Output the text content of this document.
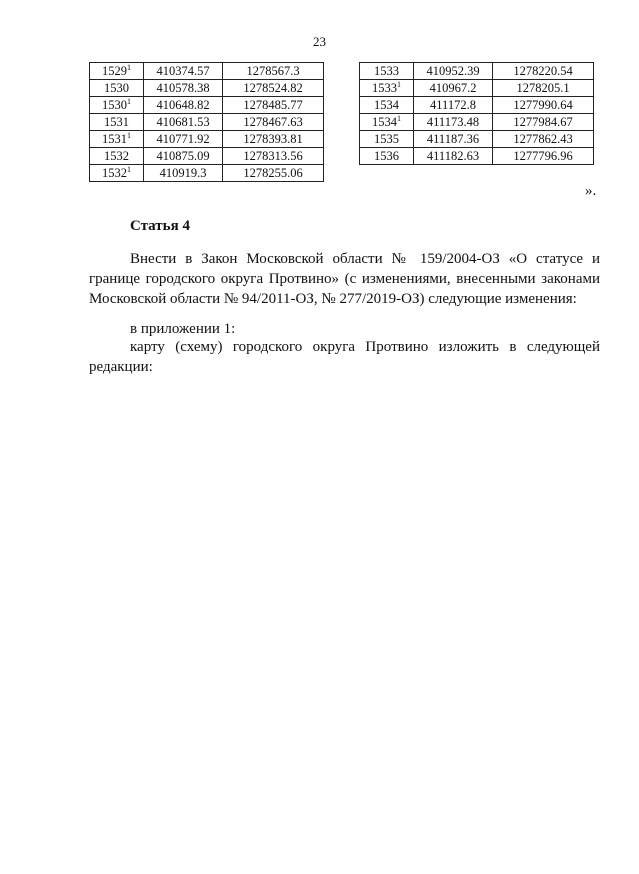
23
1529$^1$	410374.57	1278567.3
1530	410578.38	1278524.82
1530$^1$	410648.82	1278485.77
1531	410681.53	1278467.63
1531$^1$	410771.92	1278393.81
1532	410875.09	1278313.56
1532$^1$	410919.3	1278255.06
1533	410952.39	1278220.54
1533$^1$	410967.2	1278205.1
1534	411172.8	1277990.64
1534$^1$	411173.48	1277984.67
1535	411187.36	1277862.43
1536	411182.63	1277796.96
».
Статья 4
Внести в Закон Московской области № 159/2004-ОЗ «О статусе и границе городского округа Протвино» (с изменениями, внесенными законами Московской области № 94/2011-ОЗ, № 277/2019-ОЗ) следующие изменения:
в приложении 1:
карту (схему) городского округа Протвино изложить в следующей редакции:
